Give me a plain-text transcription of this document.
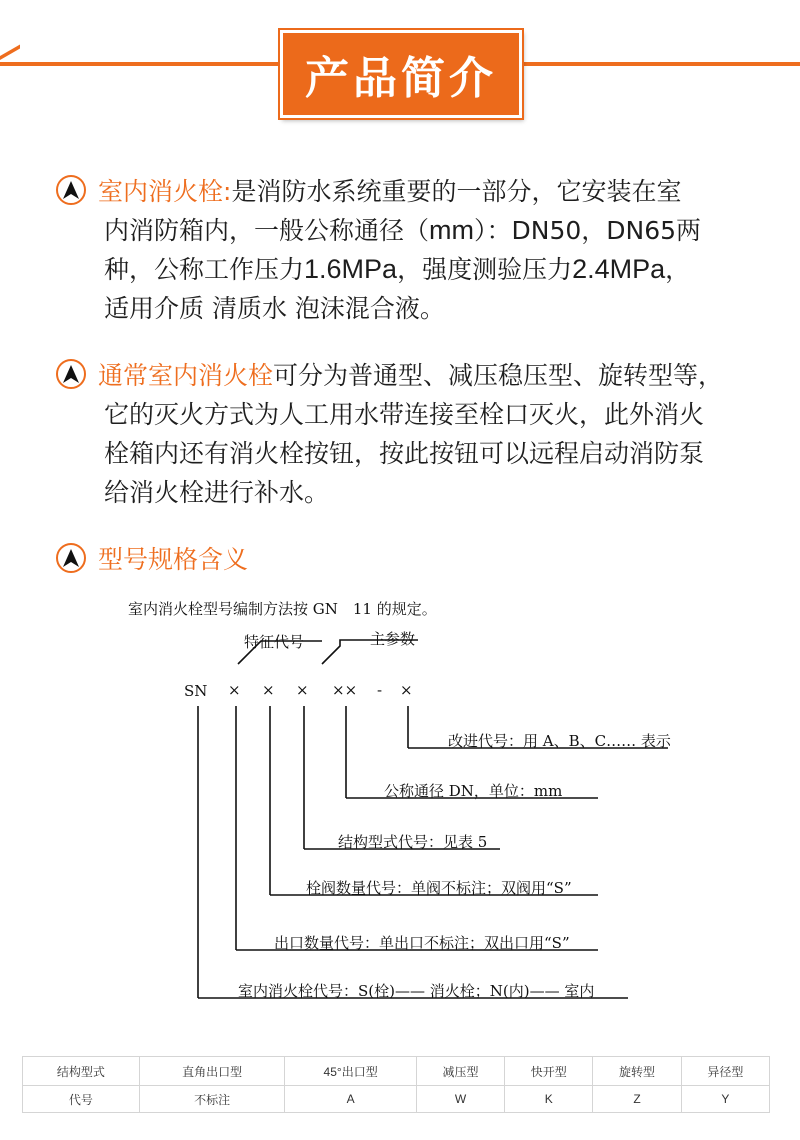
产品简介
室内消火栓:是消防水系统重要的一部分，它安装在室
内消防箱内，一般公称通径（mm）：DN50，DN65两
种，公称工作压力1.6MPa，强度测验压力2.4MPa，
适用介质 清质水 泡沫混合液。
通常室内消火栓可分为普通型、减压稳压型、旋转型等，
它的灭火方式为人工用水带连接至栓口灭火，此外消火
栓箱内还有消火栓按钮，按此按钮可以远程启动消防泵
给消火栓进行补水。
型号规格含义
室内消火栓型号编制方法按 GN　11 的规定。
特征代号	主参数
SN × × × ×× - ×
改进代号：用 A、B、C…… 表示
公称通径 DN，单位：mm
结构型式代号：见表 5
栓阀数量代号：单阀不标注；双阀用“S”
出口数量代号：单出口不标注；双出口用“S”
室内消火栓代号：S(栓)—— 消火栓；N(内)—— 室内
结构型式	直角出口型	45°出口型	减压型	快开型	旋转型	异径型
代号	不标注	A	W	K	Z	Y
